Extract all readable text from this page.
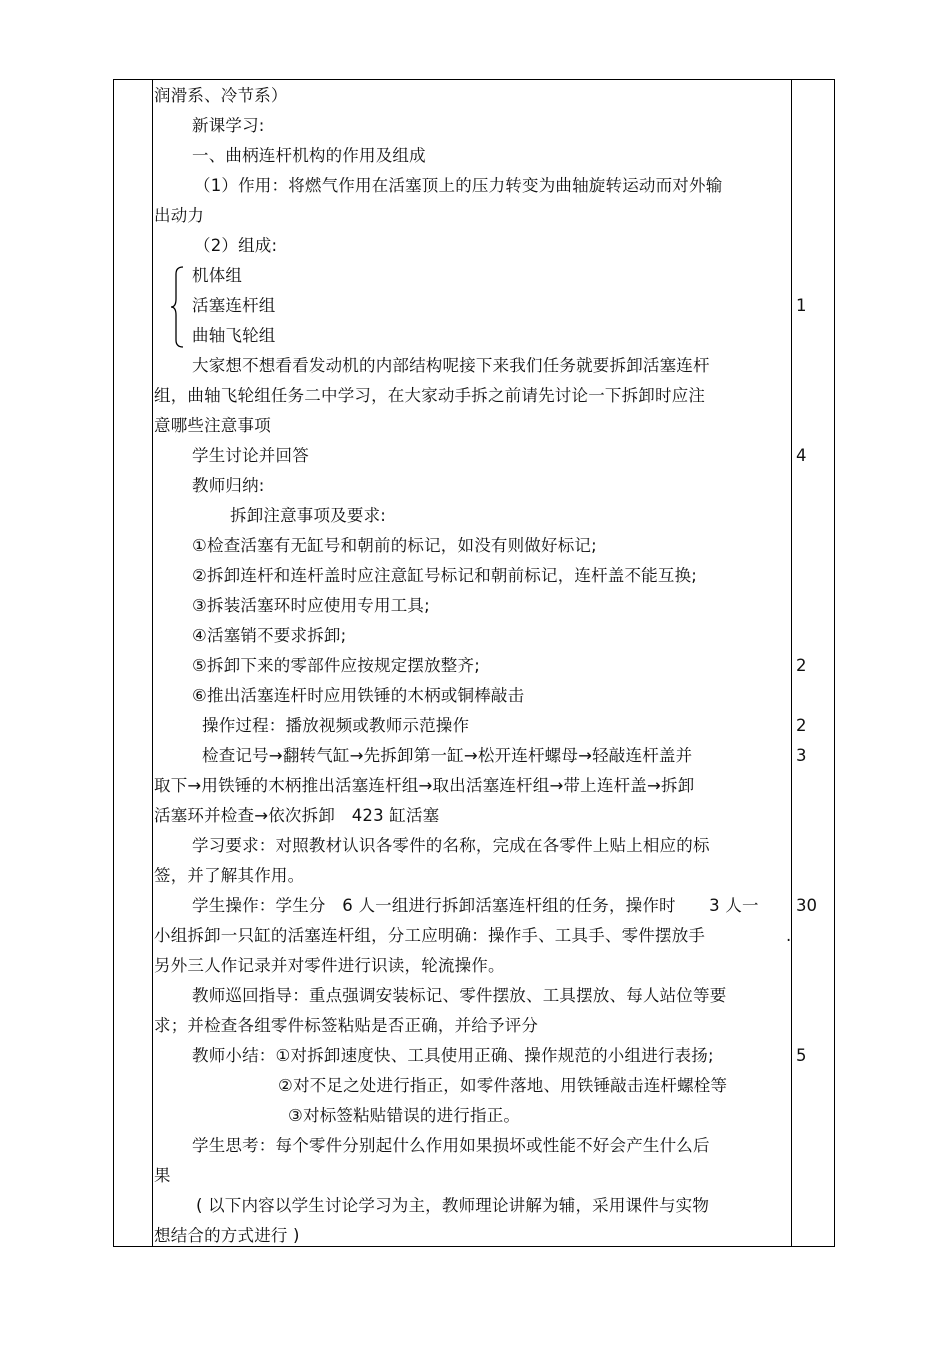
润滑系、冷节系）
新课学习:
一、曲柄连杆机构的作用及组成
（1）作用：将燃气作用在活塞顶上的压力转变为曲轴旋转运动而对外输
出动力
（2）组成:
机体组
活塞连杆组
曲轴飞轮组
大家想不想看看发动机的内部结构呢接下来我们任务就要拆卸活塞连杆
组，曲轴飞轮组任务二中学习，在大家动手拆之前请先讨论一下拆卸时应注
意哪些注意事项
学生讨论并回答
教师归纳:
拆卸注意事项及要求:
①检查活塞有无缸号和朝前的标记，如没有则做好标记;
②拆卸连杆和连杆盖时应注意缸号标记和朝前标记，连杆盖不能互换;
③拆装活塞环时应使用专用工具;
④活塞销不要求拆卸;
⑤拆卸下来的零部件应按规定摆放整齐;
⑥推出活塞连杆时应用铁锤的木柄或铜棒敲击
操作过程：播放视频或教师示范操作
检查记号→翻转气缸→先拆卸第一缸→松开连杆螺母→轻敲连杆盖并
取下→用铁锤的木柄推出活塞连杆组→取出活塞连杆组→带上连杆盖→拆卸
活塞环并检查→依次拆卸　423 缸活塞
学习要求：对照教材认识各零件的名称，完成在各零件上贴上相应的标
签，并了解其作用。
学生操作：学生分　6 人一组进行拆卸活塞连杆组的任务，操作时　　3 人一
小组拆卸一只缸的活塞连杆组，分工应明确：操作手、工具手、零件摆放手
另外三人作记录并对零件进行识读，轮流操作。
教师巡回指导：重点强调安装标记、零件摆放、工具摆放、每人站位等要
求；并检查各组零件标签粘贴是否正确，并给予评分
教师小结：①对拆卸速度快、工具使用正确、操作规范的小组进行表扬;
②对不足之处进行指正，如零件落地、用铁锤敲击连杆螺栓等
③对标签粘贴错误的进行指正。
学生思考：每个零件分别起什么作用如果损坏或性能不好会产生什么后
果
( 以下内容以学生讨论学习为主，教师理论讲解为辅，采用课件与实物
想结合的方式进行 )
1
4
2
2
3
30
.
5
